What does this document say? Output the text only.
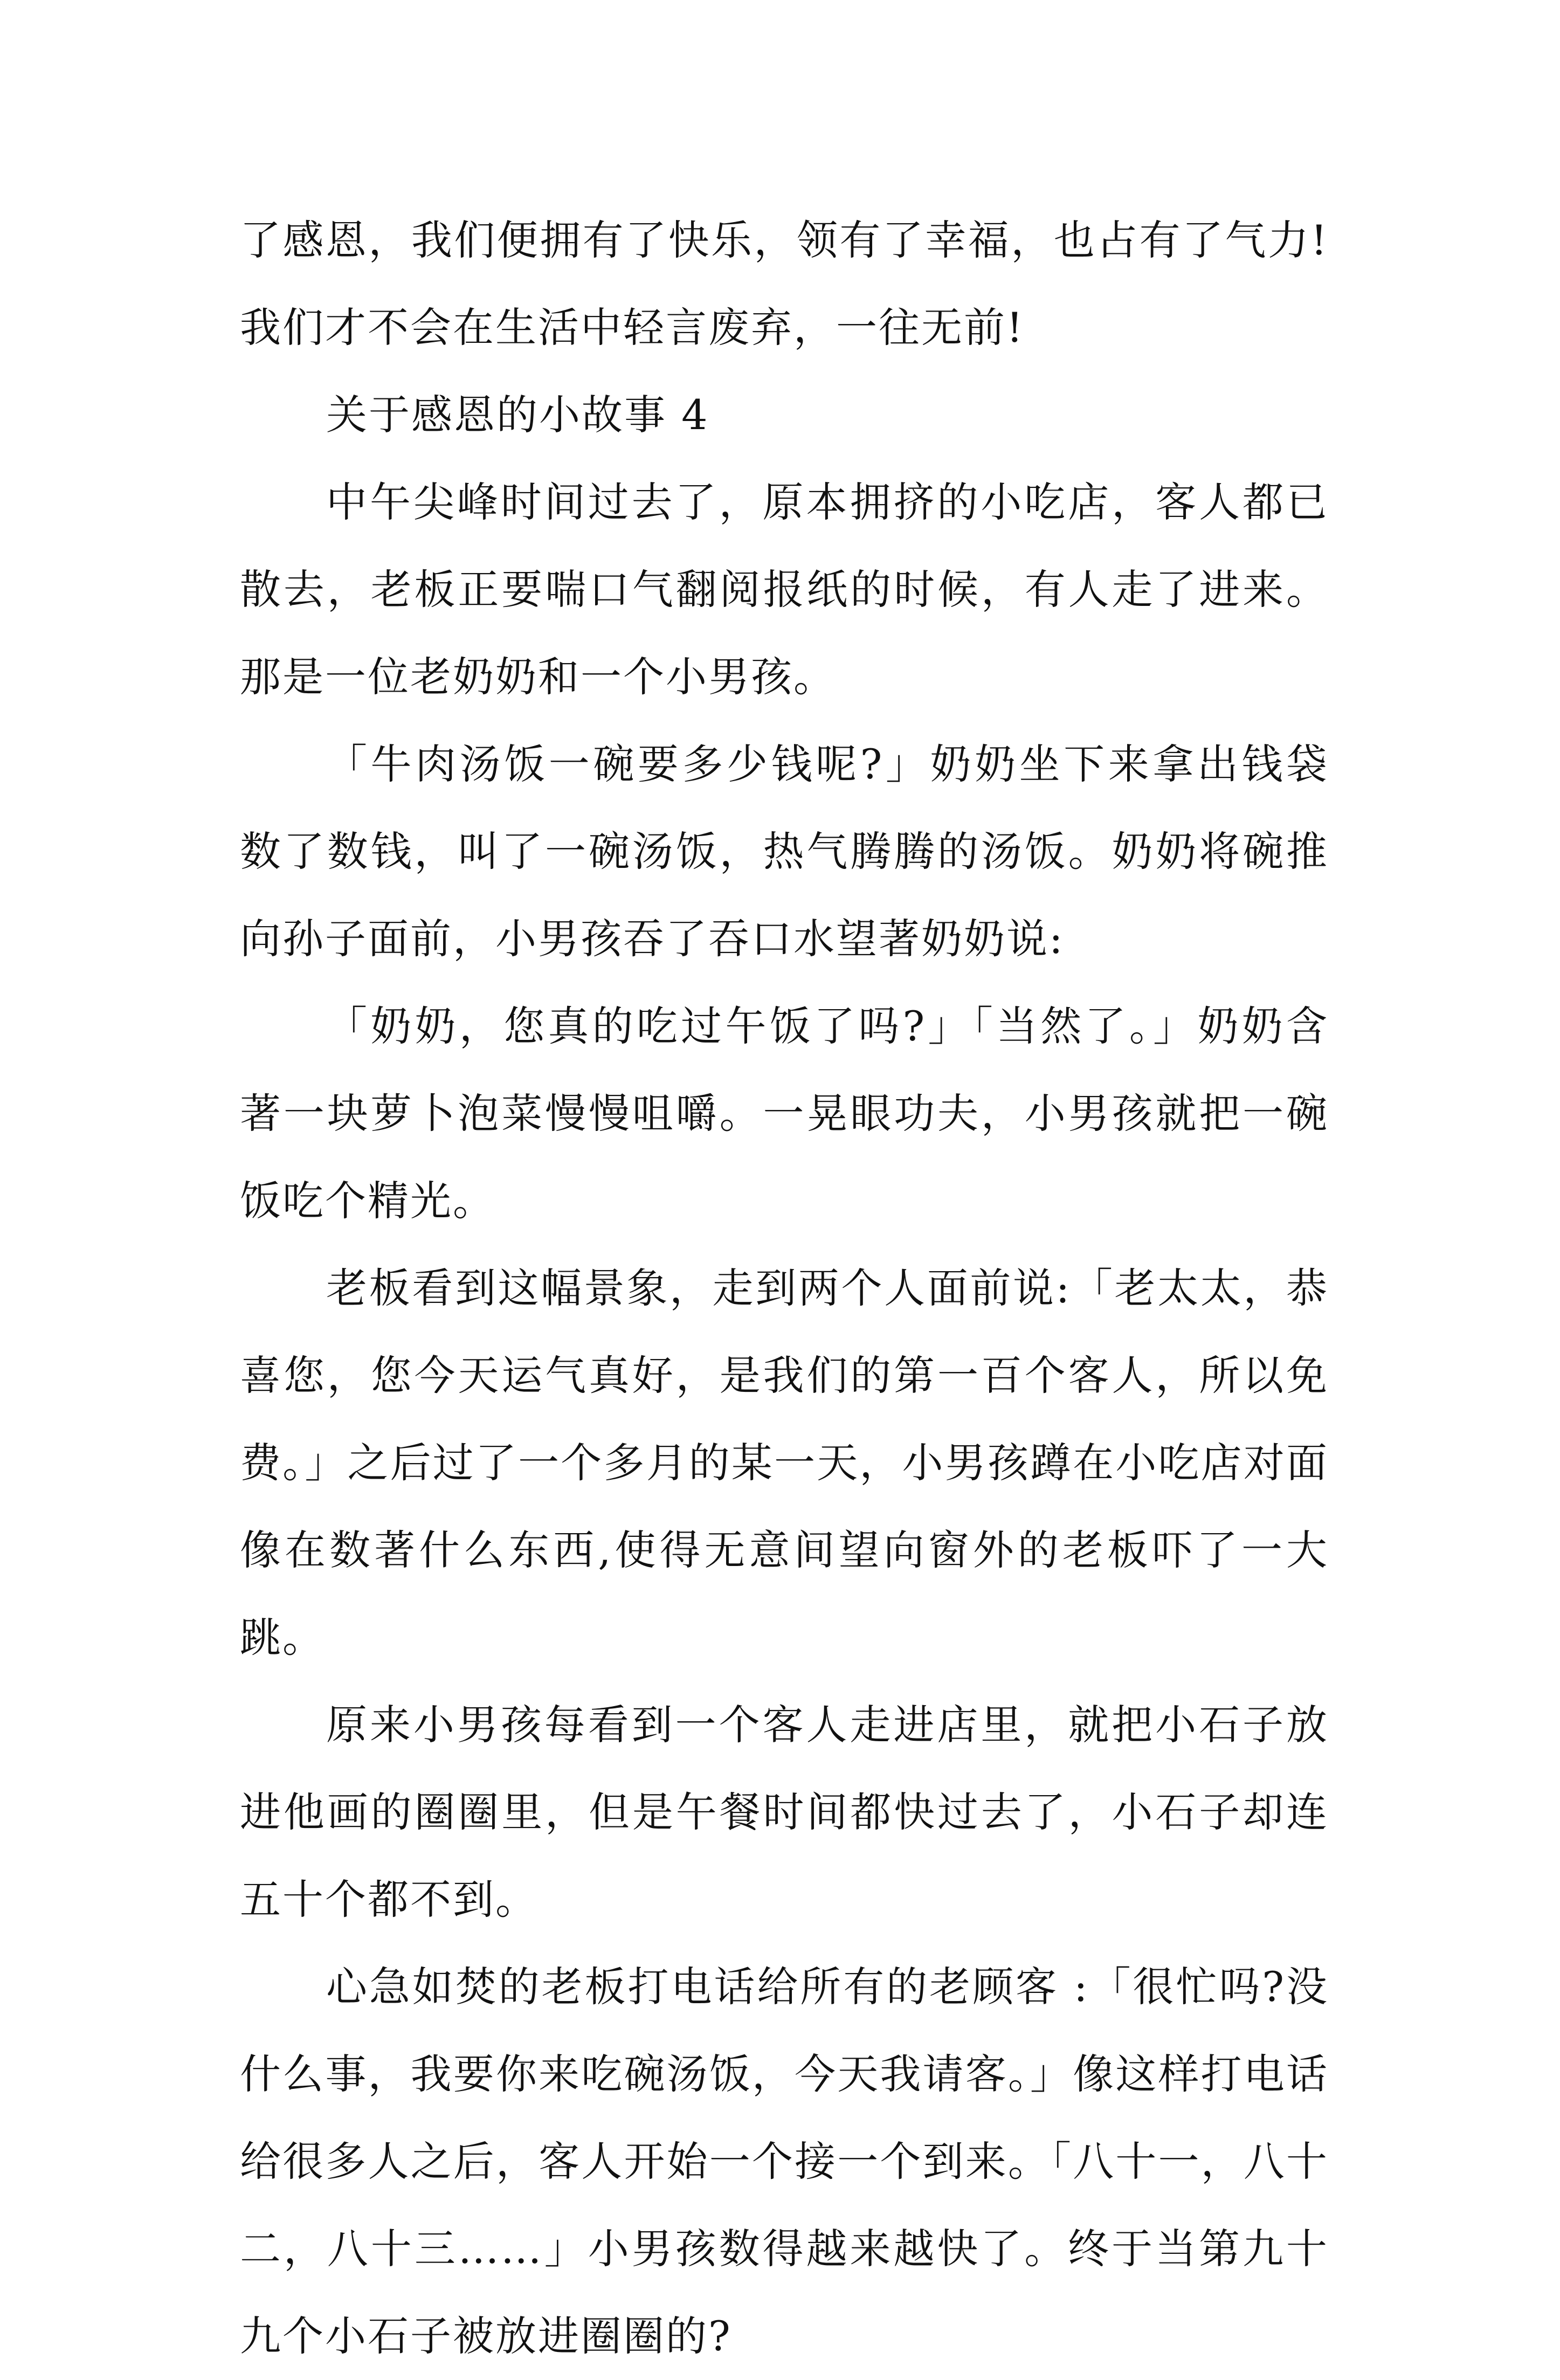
了感恩，我们便拥有了快乐，领有了幸福，也占有了气力!我们才不会在生活中轻言废弃，一往无前!

关于感恩的小故事 4

中午尖峰时间过去了，原本拥挤的小吃店，客人都已散去，老板正要喘口气翻阅报纸的时候，有人走了进来。那是一位老奶奶和一个小男孩。

「牛肉汤饭一碗要多少钱呢?」奶奶坐下来拿出钱袋数了数钱，叫了一碗汤饭，热气腾腾的汤饭。奶奶将碗推向孙子面前，小男孩吞了吞口水望著奶奶说:

「奶奶，您真的吃过午饭了吗?」「当然了。」奶奶含著一块萝卜泡菜慢慢咀嚼。一晃眼功夫，小男孩就把一碗饭吃个精光。

老板看到这幅景象，走到两个人面前说:「老太太，恭喜您，您今天运气真好，是我们的第一百个客人，所以免费。」之后过了一个多月的某一天，小男孩蹲在小吃店对面像在数著什么东西,使得无意间望向窗外的老板吓了一大跳。

原来小男孩每看到一个客人走进店里，就把小石子放进他画的圈圈里，但是午餐时间都快过去了，小石子却连五十个都不到。

心急如焚的老板打电话给所有的老顾客 :「很忙吗?没什么事，我要你来吃碗汤饭，今天我请客。」像这样打电话给很多人之后，客人开始一个接一个到来。「八十一，八十二，八十三……」小男孩数得越来越快了。终于当第九十九个小石子被放进圈圈的?
